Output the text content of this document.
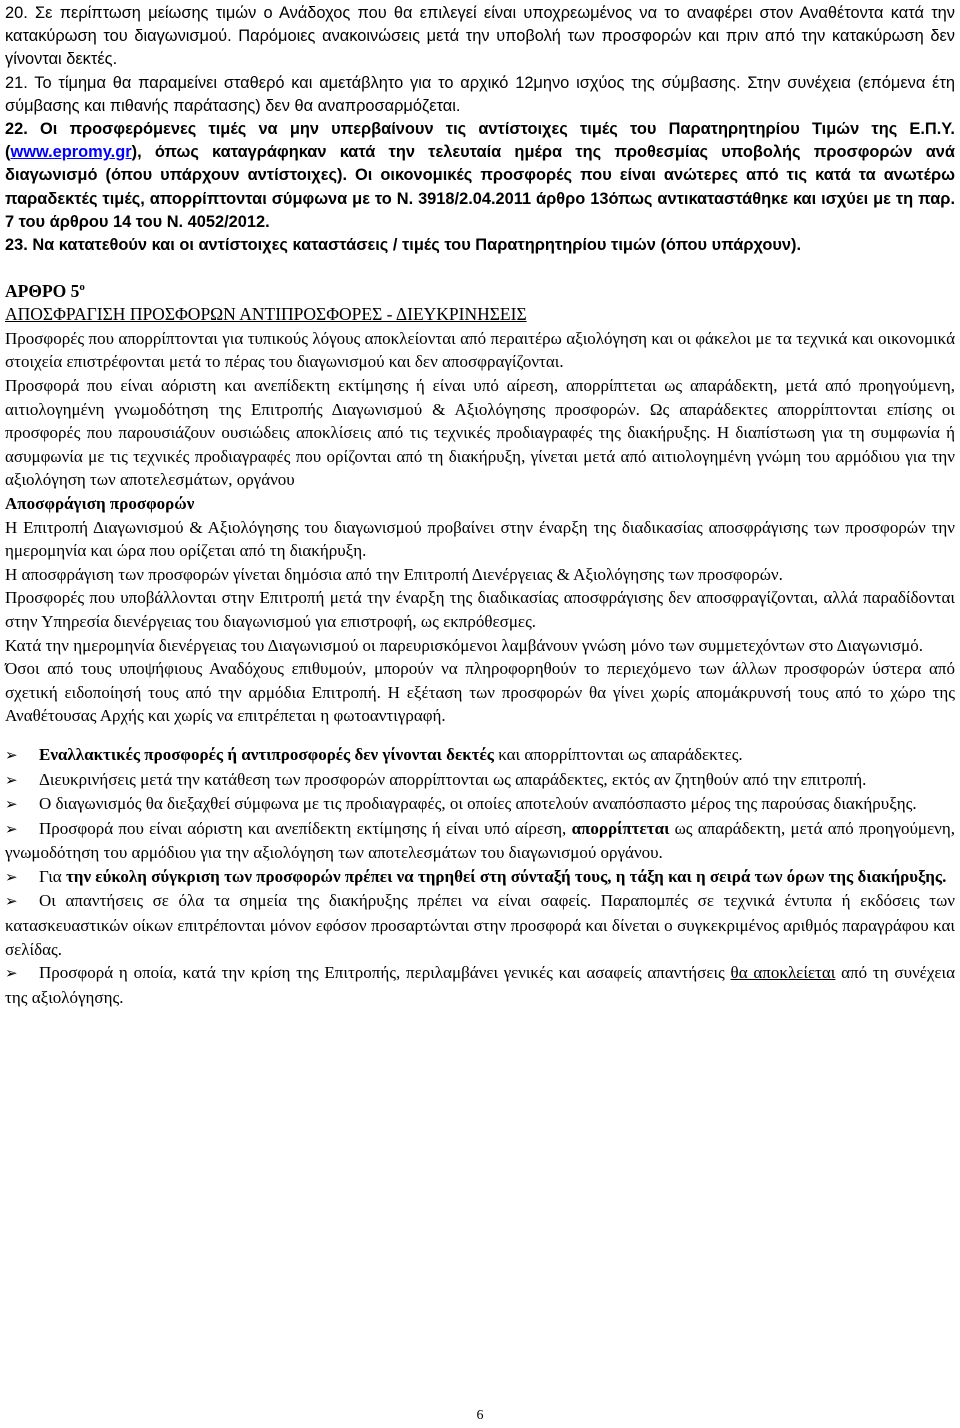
20. Σε περίπτωση μείωσης τιμών ο Ανάδοχος που θα επιλεγεί είναι υποχρεωμένος να το αναφέρει στον Αναθέτοντα κατά την κατακύρωση του διαγωνισμού. Παρόμοιες ανακοινώσεις μετά την υποβολή των προσφορών και πριν από την κατακύρωση δεν γίνονται δεκτές.

21. Το τίμημα θα παραμείνει σταθερό και αμετάβλητο για το αρχικό 12μηνο ισχύος της σύμβασης. Στην συνέχεια (επόμενα έτη σύμβασης και πιθανής παράτασης) δεν θα αναπροσαρμόζεται.

22. Οι προσφερόμενες τιμές να μην υπερβαίνουν τις αντίστοιχες τιμές του Παρατηρητηρίου Τιμών της Ε.Π.Υ. (www.epromy.gr), όπως καταγράφηκαν κατά την τελευταία ημέρα της προθεσμίας υποβολής προσφορών ανά διαγωνισμό (όπου υπάρχουν αντίστοιχες). Οι οικονομικές προσφορές που είναι ανώτερες από τις κατά τα ανωτέρω παραδεκτές τιμές, απορρίπτονται σύμφωνα με το Ν. 3918/2.04.2011 άρθρο 13όπως αντικαταστάθηκε και ισχύει με τη παρ. 7 του άρθρου 14 του Ν. 4052/2012.

23. Να κατατεθούν και οι αντίστοιχες καταστάσεις / τιμές του Παρατηρητηρίου τιμών (όπου υπάρχουν).

ΑΡΘΡΟ $5^o$

ΑΠΟΣΦΡΑΓΙΣΗ ΠΡΟΣΦΟΡΩΝ ΑΝΤΙΠΡΟΣΦΟΡΕΣ - ΔΙΕΥΚΡΙΝΗΣΕΙΣ

Προσφορές που απορρίπτονται για τυπικούς λόγους αποκλείονται από περαιτέρω αξιολόγηση και οι φάκελοι με τα τεχνικά και οικονομικά στοιχεία επιστρέφονται μετά το πέρας του διαγωνισμού και δεν αποσφραγίζονται.

Προσφορά που είναι αόριστη και ανεπίδεκτη εκτίμησης ή είναι υπό αίρεση, απορρίπτεται ως απαράδεκτη, μετά από προηγούμενη, αιτιολογημένη γνωμοδότηση της Επιτροπής Διαγωνισμού & Αξιολόγησης προσφορών. Ως απαράδεκτες απορρίπτονται επίσης οι προσφορές που παρουσιάζουν ουσιώδεις αποκλίσεις από τις τεχνικές προδιαγραφές της διακήρυξης. Η διαπίστωση για τη συμφωνία ή ασυμφωνία με τις τεχνικές προδιαγραφές που ορίζονται από τη διακήρυξη, γίνεται μετά από αιτιολογημένη γνώμη του αρμόδιου για την αξιολόγηση των αποτελεσμάτων, οργάνου

Αποσφράγιση προσφορών

Η Επιτροπή Διαγωνισμού & Αξιολόγησης του διαγωνισμού προβαίνει στην έναρξη της διαδικασίας αποσφράγισης των προσφορών την ημερομηνία και ώρα που ορίζεται από τη διακήρυξη.

Η αποσφράγιση των προσφορών γίνεται δημόσια από την Επιτροπή Διενέργειας & Αξιολόγησης των προσφορών.

Προσφορές που υποβάλλονται στην Επιτροπή μετά την έναρξη της διαδικασίας αποσφράγισης δεν αποσφραγίζονται, αλλά παραδίδονται στην Υπηρεσία διενέργειας του διαγωνισμού για επιστροφή, ως εκπρόθεσμες.

Κατά την ημερομηνία διενέργειας του Διαγωνισμού οι παρευρισκόμενοι λαμβάνουν γνώση μόνο των συμμετεχόντων στο Διαγωνισμό.

Όσοι από τους υποψήφιους Αναδόχους επιθυμούν, μπορούν να πληροφορηθούν το περιεχόμενο των άλλων προσφορών ύστερα από σχετική ειδοποίησή τους από την αρμόδια Επιτροπή. Η εξέταση των προσφορών θα γίνει χωρίς απομάκρυνσή τους από το χώρο της Αναθέτουσας Αρχής και χωρίς να επιτρέπεται η φωτοαντιγραφή.

➢ Εναλλακτικές προσφορές ή αντιπροσφορές δεν γίνονται δεκτές και απορρίπτονται ως απαράδεκτες.
➢ Διευκρινήσεις μετά την κατάθεση των προσφορών απορρίπτονται ως απαράδεκτες, εκτός αν ζητηθούν από την επιτροπή.
➢ Ο διαγωνισμός θα διεξαχθεί σύμφωνα με τις προδιαγραφές, οι οποίες αποτελούν αναπόσπαστο μέρος της παρούσας διακήρυξης.
➢ Προσφορά που είναι αόριστη και ανεπίδεκτη εκτίμησης ή είναι υπό αίρεση, απορρίπτεται ως απαράδεκτη, μετά από προηγούμενη, γνωμοδότηση του αρμόδιου για την αξιολόγηση των αποτελεσμάτων του διαγωνισμού οργάνου.
➢ Για την εύκολη σύγκριση των προσφορών πρέπει να τηρηθεί στη σύνταξή τους, η τάξη και η σειρά των όρων της διακήρυξης.
➢ Οι απαντήσεις σε όλα τα σημεία της διακήρυξης πρέπει να είναι σαφείς. Παραπομπές σε τεχνικά έντυπα ή εκδόσεις των κατασκευαστικών οίκων επιτρέπονται μόνον εφόσον προσαρτώνται στην προσφορά και δίνεται ο συγκεκριμένος αριθμός παραγράφου και σελίδας.
➢ Προσφορά η οποία, κατά την κρίση της Επιτροπής, περιλαμβάνει γενικές και ασαφείς απαντήσεις θα αποκλείεται από τη συνέχεια της αξιολόγησης.
6
